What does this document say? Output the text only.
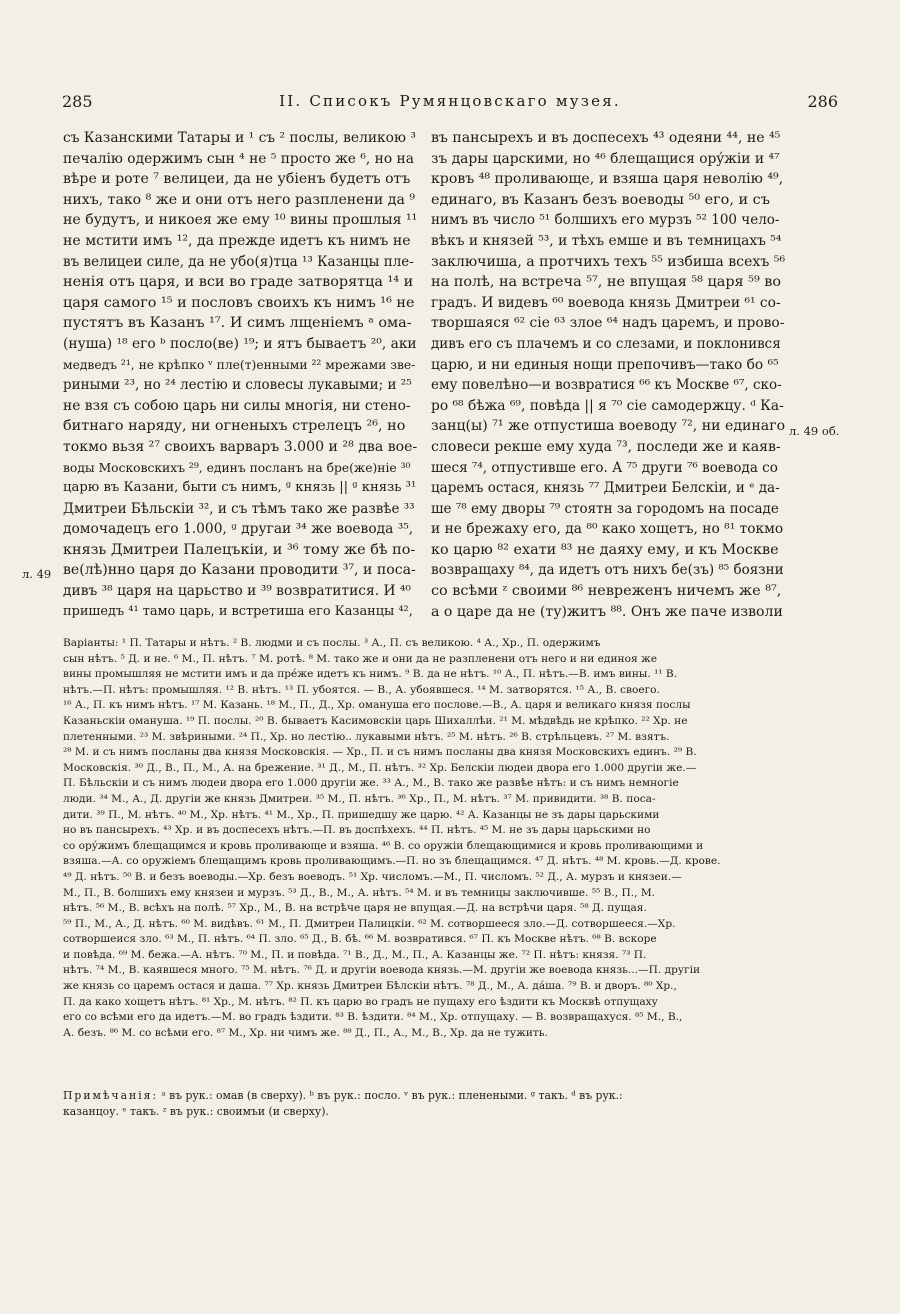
285	II. Списокъ Румянцовскаго музея.	286
съ Казанскими Татары и ¹ съ ² послы, великою ³
печалію одержимъ сын ⁴ не ⁵ просто же ⁶, но на
вѣре и роте ⁷ велицеи, да не убіенъ будетъ отъ
нихъ, тако ⁸ же и они отъ него разпленени да ⁹
не будутъ, и никоея же ему ¹⁰ вины прошлыя ¹¹
не мстити имъ ¹², да прежде идетъ къ нимъ не
въ велицеи силе, да не убо(я)тца ¹³ Казанцы пле-
ненія отъ царя, и вси во граде затворятца ¹⁴ и
царя самого ¹⁵ и пословъ своихъ къ нимъ ¹⁶ не
пустятъ въ Казанъ ¹⁷. И симъ лщеніемъ ᵃ ома-
(нуша) ¹⁸ его ᵇ посло(ве) ¹⁹; и ятъ бываетъ ²⁰, аки
медведъ ²¹, не крѣпко ᵛ пле(т)енными ²² мрежами зве-
риными ²³, но ²⁴ лестію и словесы лукавыми; и ²⁵
не взя съ собою царь ни силы многія, ни стено-
битнаго наряду, ни огненыхъ стрелецъ ²⁶, но
токмо вьзя ²⁷ своихъ варваръ 3.000 и ²⁸ два вое-
воды Московскихъ ²⁹, единъ посланъ на бре(же)ніе ³⁰
царю въ Казани, быти съ нимъ, ᵍ князь || ᵍ князь ³¹
Дмитреи Бѣльскіи ³², и съ тѣмъ тако же развѣе ³³
домочадецъ его 1.000, ᵍ другаи ³⁴ же воевода ³⁵,
князь Дмитреи Палецъкіи, и ³⁶ тому же бѣ по-
ве(лѣ)нно царя до Казани проводити ³⁷, и поса-
дивъ ³⁸ царя на царьство и ³⁹ возвратитися. И ⁴⁰
пришедъ ⁴¹ тамо царь, и встретиша его Казанцы ⁴²,
въ пансырехъ и въ доспесехъ ⁴³ одеяни ⁴⁴, не ⁴⁵
зъ дары царскими, но ⁴⁶ блещащися орýжіи и ⁴⁷
кровъ ⁴⁸ проливающе, и взяша царя неволію ⁴⁹,
единаго, въ Казанъ безъ воеводы ⁵⁰ его, и съ
нимъ въ число ⁵¹ болшихъ его мурзъ ⁵² 100 чело-
вѣкъ и князей ⁵³, и тѣхъ емше и въ темницахъ ⁵⁴
заключиша, а протчихъ техъ ⁵⁵ избиша всехъ ⁵⁶
на полѣ, на встреча ⁵⁷, не впущая ⁵⁸ царя ⁵⁹ во
градъ. И видевъ ⁶⁰ воевода князь Дмитреи ⁶¹ со-
творшаяся ⁶² сіе ⁶³ злое ⁶⁴ надъ царемъ, и прово-
дивъ его съ плачемъ и со слезами, и поклонився
царю, и ни единыя нощи препочивъ—тако бо ⁶⁵
ему повелѣно—и возвратися ⁶⁶ къ Москве ⁶⁷, ско-
ро ⁶⁸ бѣжа ⁶⁹, повѣда || я ⁷⁰ сіе самодержцу. ᵈ Ка-
занц(ы) ⁷¹ же отпустиша воеводу ⁷², ни единаго
словеси рекше ему худа ⁷³, последи же и каяв-
шеся ⁷⁴, отпустивше его. А ⁷⁵ други ⁷⁶ воевода со
царемъ остася, князь ⁷⁷ Дмитреи Белскіи, и ᵉ да-
ше ⁷⁸ ему дворы ⁷⁹ стоятн за городомъ на посаде
и не брежаху его, да ⁸⁰ како хощетъ, но ⁸¹ токмо
ко царю ⁸² ехати ⁸³ не даяху ему, и къ Москве
возвращаху ⁸⁴, да идетъ отъ нихъ бе(зъ) ⁸⁵ боязни
со всѣми ᶻ своими ⁸⁶ невреженъ ничемъ же ⁸⁷,
а о царе да не (ту)житъ ⁸⁸. Онъ же паче изволи
л. 49
л. 49 об.
Варіанты: ¹ П. Татары и нѣтъ. ² В. людми и съ послы. ³ А., П. съ великою. ⁴ А., Хр., П. одержимъ
сын нѣтъ. ⁵ Д. и не. ⁶ М., П. нѣтъ. ⁷ М. ротѣ. ⁸ М. тако же и они да не разпленени отъ него и ни единоя же
вины промышляя не мстити имъ и да прéже идетъ къ нимъ. ⁹ В. да не нѣтъ. ¹⁰ А., П. нѣтъ.—В. имъ вины. ¹¹ В.
нѣтъ.—П. нѣтъ: промышляя. ¹² В. нѣтъ. ¹³ П. убоятся. — В., А. убоявшеся. ¹⁴ М. затворятся. ¹⁵ А., В. своего.
¹⁶ А., П. къ нимъ нѣтъ. ¹⁷ М. Казань. ¹⁸ М., П., Д., Хр. оманушa его пословe.—В., А. царя и великаго князя послы
Казаньскіи оманушa. ¹⁹ П. послы. ²⁰ В. бываетъ Касимовскіи царь Шихаллѣи. ²¹ М. мѣдвѣдь не крѣпко. ²² Хр. не
плетенными. ²³ М. звѣриными. ²⁴ П., Хр. но лестію.. лукавыми нѣтъ. ²⁵ М. нѣтъ. ²⁶ В. стрѣльцевъ. ²⁷ М. взятъ.
²⁸ М. и съ нимъ посланы два князя Московскія. — Хр., П. и съ нимъ посланы два князя Московскихъ единъ. ²⁹ В.
Московскія. ³⁰ Д., В., П., М., А. на брежение. ³¹ Д., М., П. нѣтъ. ³² Хр. Белскіи людеи двора его 1.000 другіи же.—
П. Бѣльскіи и съ нимъ людеи двора его 1.000 другіи же. ³³ А., М., В. тако же развѣе нѣтъ: и съ нимъ немногіе
люди. ³⁴ М., А., Д. другіи же князь Дмитреи. ³⁵ М., П. нѣтъ. ³⁶ Хр., П., М. нѣтъ. ³⁷ М. привидити. ³⁸ В. поса-
дити. ³⁹ П., М. нѣтъ. ⁴⁰ М., Хр. нѣтъ. ⁴¹ М., Хр., П. пришедшу же царю. ⁴² А. Казанцы не зъ дары царьскими
но въ пансырехъ. ⁴³ Хр. и въ доспесехъ нѣтъ.—П. въ доспѣхехъ. ⁴⁴ П. нѣтъ. ⁴⁵ М. не зъ дары царьскими но
со орýжимъ блещащимся и кровь проливающе и взяша. ⁴⁶ В. со оружіи блещающимися и кровь проливающими и
взяша.—А. со оружіемъ блещащимъ кровь проливающимъ.—П. но зъ блещащимся. ⁴⁷ Д. нѣтъ. ⁴⁸ М. кровь.—Д. кровe.
⁴⁹ Д. нѣтъ. ⁵⁰ В. и безъ воеводы.—Хр. безъ воеводъ. ⁵¹ Хр. числомъ.—М., П. числомъ. ⁵² Д., А. мурзъ и князеи.—
М., П., В. болшихъ ему князеи и мурзъ. ⁵³ Д., В., М., А. нѣтъ. ⁵⁴ М. и въ темницы заключивше. ⁵⁵ В., П., М.
нѣтъ. ⁵⁶ М., В. всѣхъ на полѣ. ⁵⁷ Хр., М., В. на встрѣче царя не впущая.—Д. на встрѣчи царя. ⁵⁸ Д. пущая.
⁵⁹ П., М., А., Д. нѣтъ. ⁶⁰ М. видѣвъ. ⁶¹ М., П. Дмитреи Палицкіи. ⁶² М. сотворшееся зло.—Д. сотворшееся.—Хр.
сотворшеися зло. ⁶³ М., П. нѣтъ. ⁶⁴ П. зло. ⁶⁵ Д., В. бѣ. ⁶⁶ М. возвратився. ⁶⁷ П. къ Москве нѣтъ. ⁶⁸ В. вскоре
и повѣда. ⁶⁹ М. бежа.—А. нѣтъ. ⁷⁰ М., П. и повѣда. ⁷¹ В., Д., М., П., А. Казанцы же. ⁷² П. нѣтъ: князя. ⁷³ П.
нѣтъ. ⁷⁴ М., В. каявшеся много. ⁷⁵ М. нѣтъ. ⁷⁶ Д. и другіи воевода князь.—М. другіи же воевода князь...—П. другіи
же князь со царемъ остася и даша. ⁷⁷ Хр. князь Дмитреи Бѣлскіи нѣтъ. ⁷⁸ Д., М., А. дáша. ⁷⁹ В. и дворъ. ⁸⁰ Хр.,
П. да како хощетъ нѣтъ. ⁸¹ Хр., М. нѣтъ. ⁸² П. къ царю во градъ не пущаху его ѣздити къ Москвѣ отпущаху
его со всѣми его да идетъ.—М. во градъ ѣздити. ⁸³ В. ѣздити. ⁸⁴ М., Хр. отпущаху. — В. возвращахуся. ⁸⁵ М., В.,
А. безъ. ⁸⁶ М. со всѣми его. ⁸⁷ М., Хр. ни чимъ же. ⁸⁸ Д., П., А., М., В., Хр. да не тужить.
Примѣчанія: ᵃ въ рук.: омав (в сверху). ᵇ въ рук.: посло. ᵛ въ рук.: пленеными. ᵍ такъ. ᵈ въ рук.:
казанцоу. ᵉ такъ. ᶻ въ рук.: своимъи (и сверху).
